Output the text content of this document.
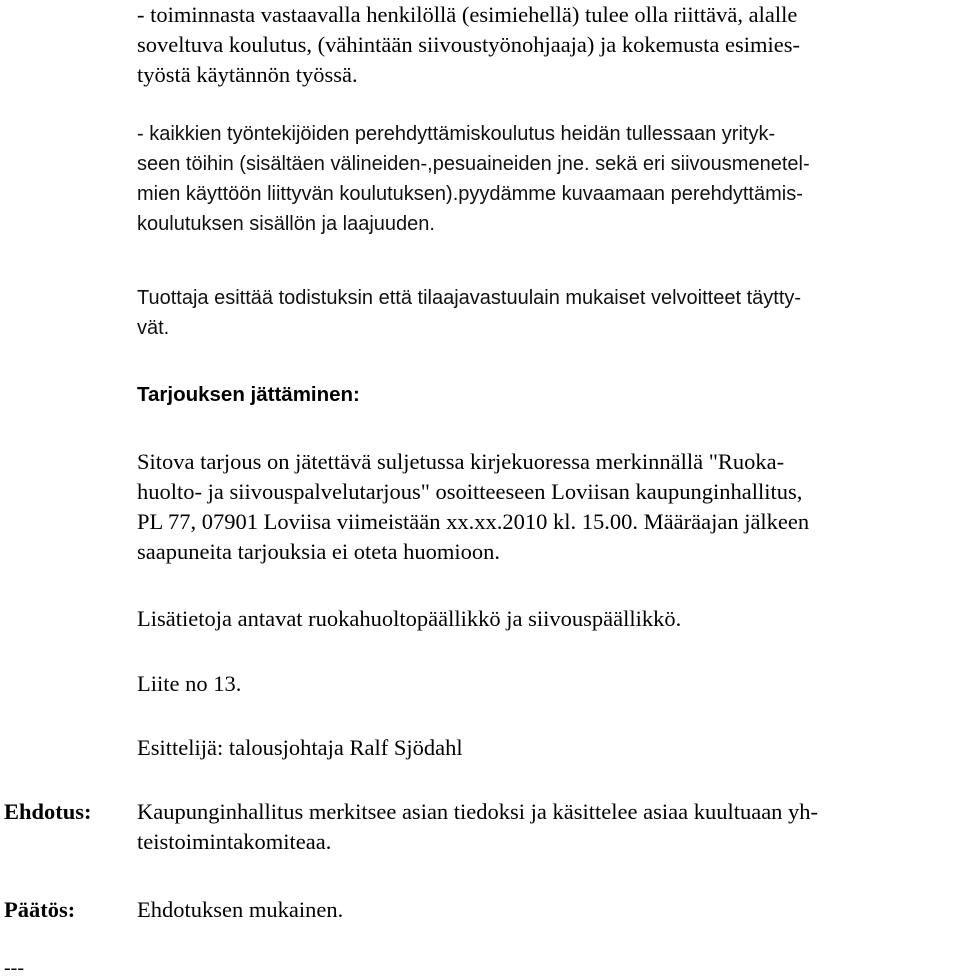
- toiminnasta vastaavalla henkilöllä (esimiehellä) tulee olla riittävä, alalle
soveltuva koulutus, (vähintään siivoustyönohjaaja) ja kokemusta esimies-
työstä käytännön työssä.
- kaikkien työntekijöiden perehdyttämiskoulutus heidän tullessaan yrityk-
seen töihin (sisältäen välineiden-,pesuaineiden jne. sekä eri siivousmenetel-
mien käyttöön liittyvän koulutuksen).pyydämme kuvaamaan perehdyttämis-
koulutuksen sisällön ja laajuuden.
Tuottaja esittää todistuksin että tilaajavastuulain mukaiset velvoitteet täytty-
vät.
Tarjouksen jättäminen:
Sitova tarjous on jätettävä suljetussa kirjekuoressa merkinnällä "Ruoka-
huolto- ja siivouspalvelutarjous" osoitteeseen Loviisan kaupunginhallitus,
PL 77, 07901 Loviisa viimeistään xx.xx.2010 kl. 15.00. Määräajan jälkeen
saapuneita tarjouksia ei oteta huomioon.
Lisätietoja antavat ruokahuoltopäällikkö ja siivouspäällikkö.
Liite no 13.
Esittelijä: talousjohtaja Ralf Sjödahl
Ehdotus: Kaupunginhallitus merkitsee asian tiedoksi ja käsittelee asiaa kuultuaan yh-
teistoimintakomiteaa.
Päätös:	Ehdotuksen mukainen.
---
